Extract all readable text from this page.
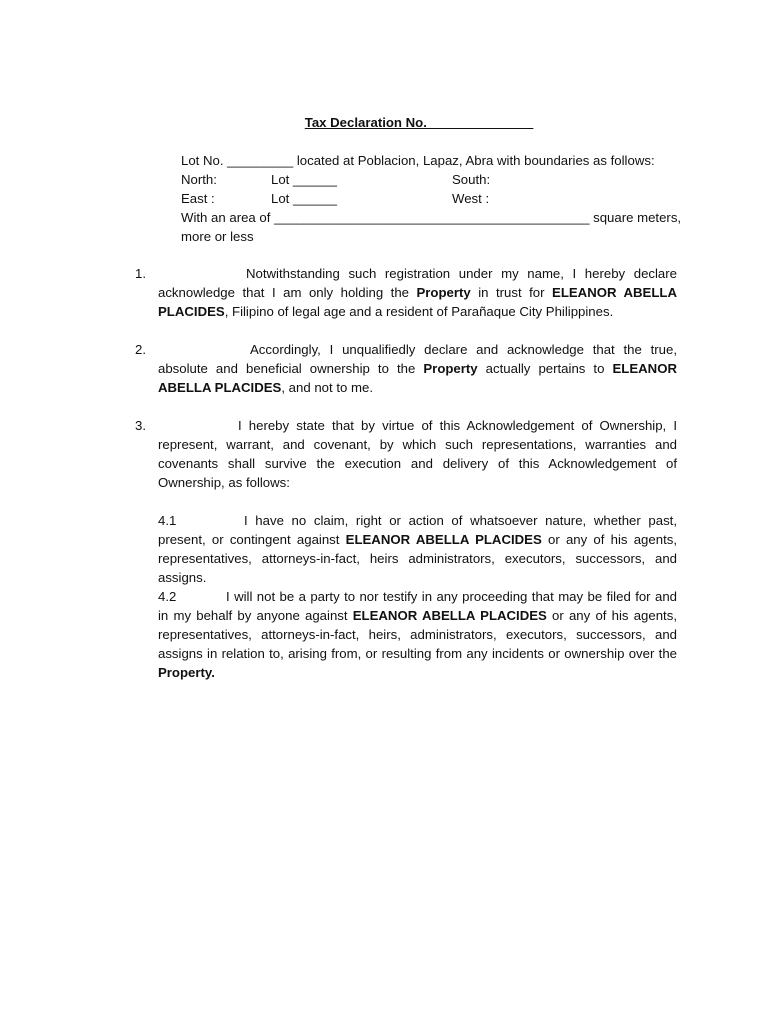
Tax Declaration No. ______________
Lot No. _________ located at Poblacion, Lapaz, Abra with boundaries as follows:
North:	Lot ______	South:
East :	Lot ______	West :
With an area of ___________________________________________ square meters,
more or less
1.	Notwithstanding such registration under my name, I hereby declare acknowledge that I am only holding the Property in trust for ELEANOR ABELLA PLACIDES, Filipino of legal age and a resident of Parañaque City Philippines.
2.	Accordingly, I unqualifiedly declare and acknowledge that the true, absolute and beneficial ownership to the Property actually pertains to ELEANOR ABELLA PLACIDES, and not to me.
3.	I hereby state that by virtue of this Acknowledgement of Ownership, I represent, warrant, and covenant, by which such representations, warranties and covenants shall survive the execution and delivery of this Acknowledgement of Ownership, as follows:
4.1	I have no claim, right or action of whatsoever nature, whether past, present, or contingent against ELEANOR ABELLA PLACIDES or any of his agents, representatives, attorneys-in-fact, heirs administrators, executors, successors, and assigns.
4.2	I will not be a party to nor testify in any proceeding that may be filed for and in my behalf by anyone against ELEANOR ABELLA PLACIDES or any of his agents, representatives, attorneys-in-fact, heirs, administrators, executors, successors, and assigns in relation to, arising from, or resulting from any incidents or ownership over the Property.
